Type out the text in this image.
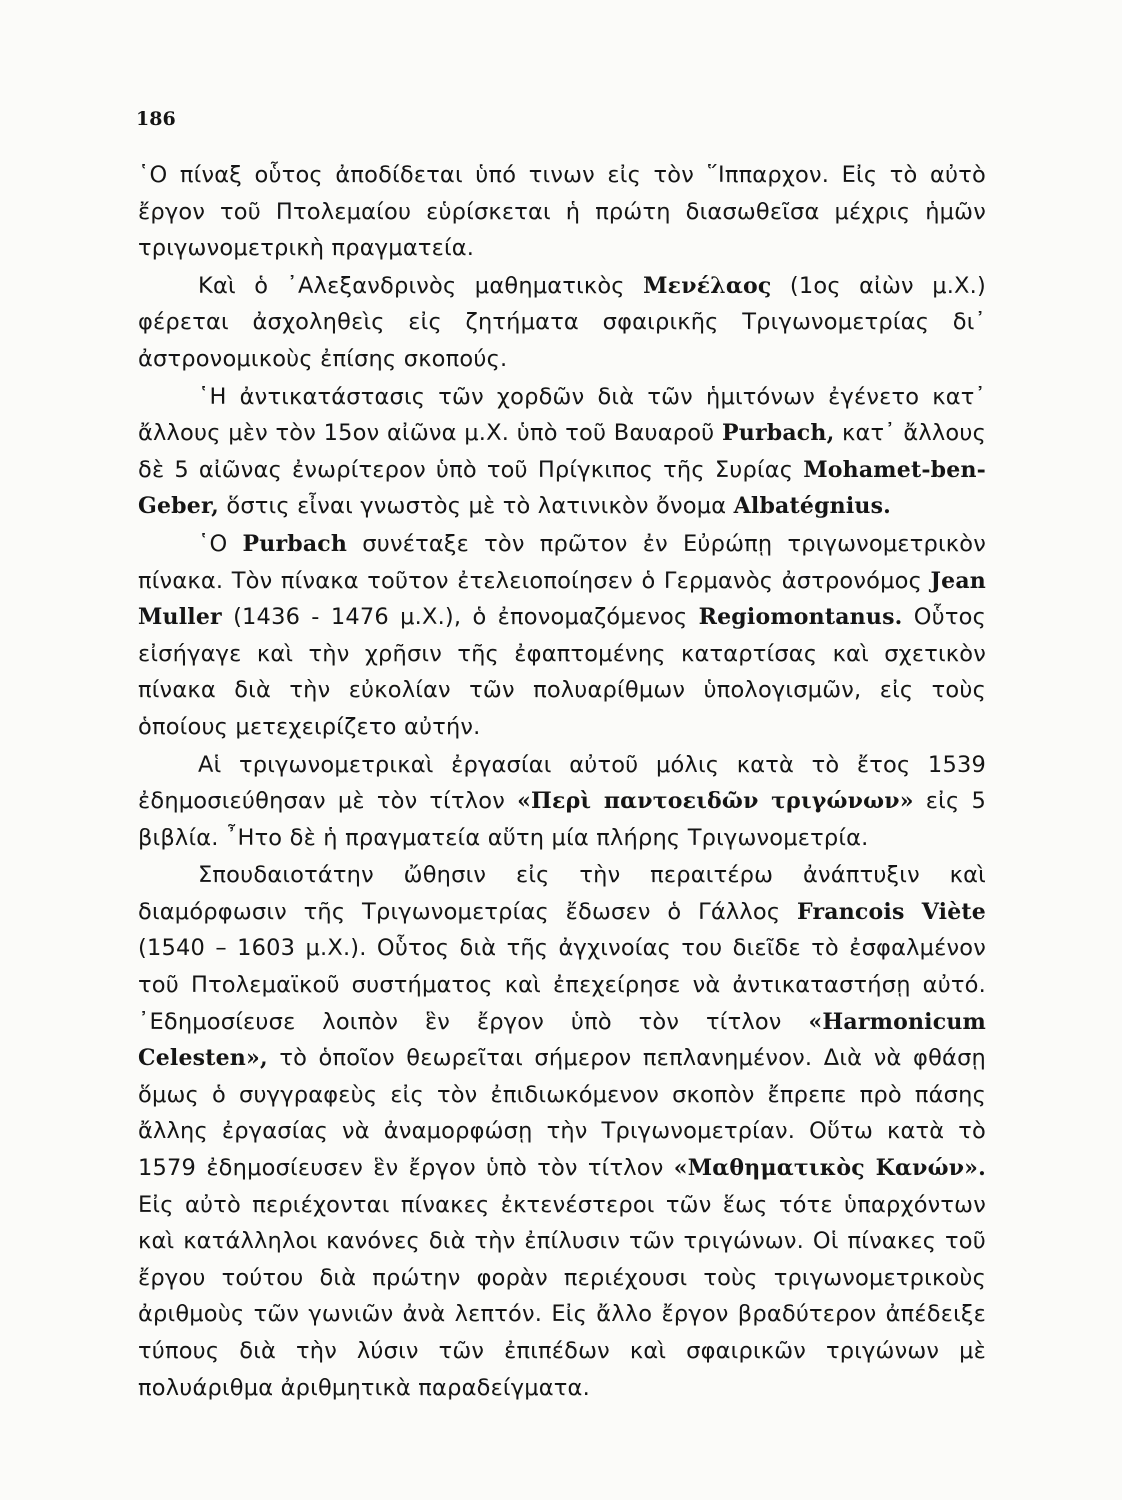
186

῾Ο πίναξ οὗτος ἀποδίδεται ὑπό τινων εἰς τὸν ῞Ιππαρχον. Εἰς τὸ αὐτὸ ἔργον τοῦ Πτολεμαίου εὑρίσκεται ἡ πρώτη διασωθεῖσα μέχρις ἡμῶν τριγωνομετρικὴ πραγματεία.

Καὶ ὁ ᾽Αλεξανδρινὸς μαθηματικὸς Μενέλαος (1ος αἰὼν μ.Χ.) φέρεται ἀσχοληθεὶς εἰς ζητήματα σφαιρικῆς Τριγωνομετρίας δι᾽ ἀστρονομικοὺς ἐπίσης σκοπούς.

῾Η ἀντικατάστασις τῶν χορδῶν διὰ τῶν ἡμιτόνων ἐγένετο κατ᾽ ἄλλους μὲν τὸν 15ον αἰῶνα μ.Χ. ὑπὸ τοῦ Βαυαροῦ Purbach, κατ᾽ ἄλλους δὲ 5 αἰῶνας ἐνωρίτερον ὑπὸ τοῦ Πρίγκιπος τῆς Συρίας Mohamet-ben-Geber, ὅστις εἶναι γνωστὸς μὲ τὸ λατινικὸν ὄνομα Albatégnius.

῾Ο Purbach συνέταξε τὸν πρῶτον ἐν Εὐρώπῃ τριγωνομετρικὸν πίνακα. Τὸν πίνακα τοῦτον ἐτελειοποίησεν ὁ Γερμανὸς ἀστρονόμος Jean Muller (1436 - 1476 μ.Χ.), ὁ ἐπονομαζόμενος Regiomontanus. Οὗτος εἰσήγαγε καὶ τὴν χρῆσιν τῆς ἐφαπτομένης καταρτίσας καὶ σχετικὸν πίνακα διὰ τὴν εὐκολίαν τῶν πολυαρίθμων ὑπολογισμῶν, εἰς τοὺς ὁποίους μετεχειρίζετο αὐτήν.

Αἱ τριγωνομετρικαὶ ἐργασίαι αὐτοῦ μόλις κατὰ τὸ ἔτος 1539 ἐδημοσιεύθησαν μὲ τὸν τίτλον «Περὶ παντοειδῶν τριγώνων» εἰς 5 βιβλία. ῏Ητο δὲ ἡ πραγματεία αὕτη μία πλήρης Τριγωνομετρία.

Σπουδαιοτάτην ὤθησιν εἰς τὴν περαιτέρω ἀνάπτυξιν καὶ διαμόρφωσιν τῆς Τριγωνομετρίας ἔδωσεν ὁ Γάλλος Francois Viète (1540 – 1603 μ.Χ.). Οὗτος διὰ τῆς ἀγχινοίας του διεῖδε τὸ ἐσφαλμένον τοῦ Πτολεμαϊκοῦ συστήματος καὶ ἐπεχείρησε νὰ ἀντικαταστήσῃ αὐτό. ᾽Εδημοσίευσε λοιπὸν ἓν ἔργον ὑπὸ τὸν τίτλον «Harmonicum Celesten», τὸ ὁποῖον θεωρεῖται σήμερον πεπλανημένον. Διὰ νὰ φθάσῃ ὅμως ὁ συγγραφεὺς εἰς τὸν ἐπιδιωκόμενον σκοπὸν ἔπρεπε πρὸ πάσης ἄλλης ἐργασίας νὰ ἀναμορφώσῃ τὴν Τριγωνομετρίαν. Οὕτω κατὰ τὸ 1579 ἐδημοσίευσεν ἓν ἔργον ὑπὸ τὸν τίτλον «Μαθηματικὸς Κανών». Εἰς αὐτὸ περιέχονται πίνακες ἐκτενέστεροι τῶν ἕως τότε ὑπαρχόντων καὶ κατάλληλοι κανόνες διὰ τὴν ἐπίλυσιν τῶν τριγώνων. Οἱ πίνακες τοῦ ἔργου τούτου διὰ πρώτην φορὰν περιέχουσι τοὺς τριγωνομετρικοὺς ἀριθμοὺς τῶν γωνιῶν ἀνὰ λεπτόν. Εἰς ἄλλο ἔργον βραδύτερον ἀπέδειξε τύπους διὰ τὴν λύσιν τῶν ἐπιπέδων καὶ σφαιρικῶν τριγώνων μὲ πολυάριθμα ἀριθμητικὰ παραδείγματα.
